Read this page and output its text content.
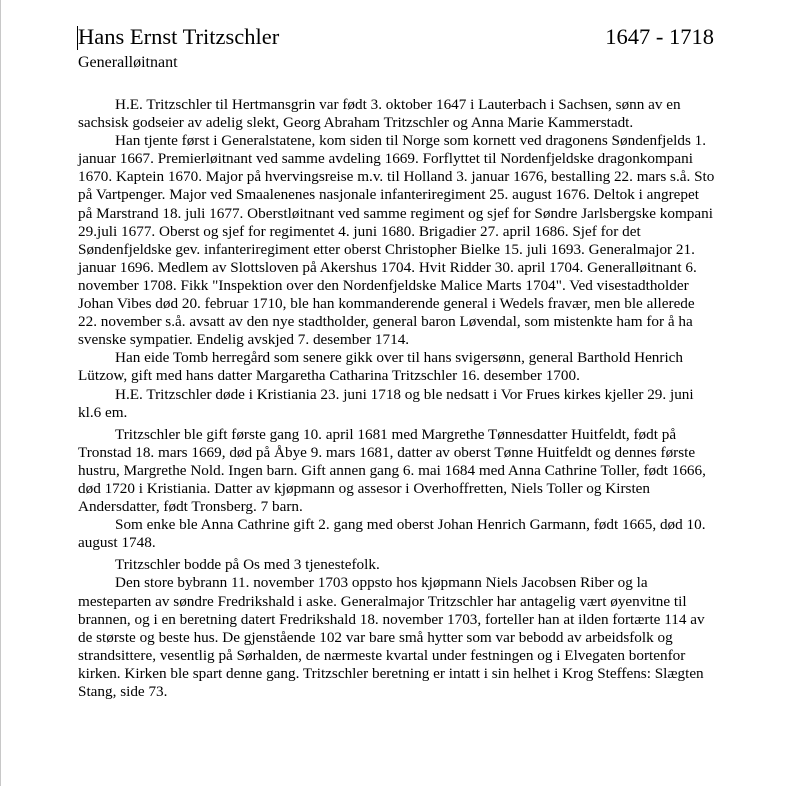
Hans Ernst Tritzschler	1647 - 1718
Generalløitnant

H.E. Tritzschler til Hertmansgrin var født 3. oktober 1647 i Lauterbach i Sachsen, sønn av en sachsisk godseier av adelig slekt, Georg Abraham Tritzschler og Anna Marie Kammerstadt.

Han tjente først i Generalstatene, kom siden til Norge som kornett ved dragonens Søndenfjelds 1. januar 1667. Premierløitnant ved samme avdeling 1669. Forflyttet til Nordenfjeldske dragonkompani 1670. Kaptein 1670. Major på hvervingsreise m.v. til Holland 3. januar 1676, bestalling 22. mars s.å. Sto på Vartpenger. Major ved Smaalenenes nasjonale infanteriregiment 25. august 1676. Deltok i angrepet på Marstrand 18. juli 1677. Oberstløitnant ved samme regiment og sjef for Søndre Jarlsbergske kompani 29.juli 1677. Oberst og sjef for regimentet 4. juni 1680. Brigadier 27. april 1686. Sjef for det Søndenfjeldske gev. infanteriregiment etter oberst Christopher Bielke 15. juli 1693. Generalmajor 21. januar 1696. Medlem av Slottsloven på Akershus 1704. Hvit Ridder 30. april 1704. Generalløitnant 6. november 1708. Fikk "Inspektion over den Nordenfjeldske Malice Marts 1704". Ved visestadtholder Johan Vibes død 20. februar 1710, ble han kommanderende general i Wedels fravær, men ble allerede 22. november s.å. avsatt av den nye stadtholder, general baron Løvendal, som mistenkte ham for å ha svenske sympatier. Endelig avskjed 7. desember 1714.

Han eide Tomb herregård som senere gikk over til hans svigersønn, general Barthold Henrich Lützow, gift med hans datter Margaretha Catharina Tritzschler 16. desember 1700.

H.E. Tritzschler døde i Kristiania 23. juni 1718 og ble nedsatt i Vor Frues kirkes kjeller 29. juni kl.6 em.

Tritzschler ble gift første gang 10. april 1681 med Margrethe Tønnesdatter Huitfeldt, født på Tronstad 18. mars 1669, død på Åbye 9. mars 1681, datter av oberst Tønne Huitfeldt og dennes første hustru, Margrethe Nold. Ingen barn. Gift annen gang 6. mai 1684 med Anna Cathrine Toller, født 1666, død 1720 i Kristiania. Datter av kjøpmann og assesor i Overhoffretten, Niels Toller og Kirsten Andersdatter, født Tronsberg. 7 barn.

Som enke ble Anna Cathrine gift 2. gang med oberst Johan Henrich Garmann, født 1665, død 10. august 1748.

Tritzschler bodde på Os med 3 tjenestefolk.

Den store bybrann 11. november 1703 oppsto hos kjøpmann Niels Jacobsen Riber og la mesteparten av søndre Fredrikshald i aske. Generalmajor Tritzschler har antagelig vært øyenvitne til brannen, og i en beretning datert Fredrikshald 18. november 1703, forteller han at ilden fortærte 114 av de største og beste hus. De gjenstående 102 var bare små hytter som var bebodd av arbeidsfolk og strandsittere, vesentlig på Sørhalden, de nærmeste kvartal under festningen og i Elvegaten bortenfor kirken. Kirken ble spart denne gang. Tritzschler beretning er intatt i sin helhet i Krog Steffens: Slægten Stang, side 73.
